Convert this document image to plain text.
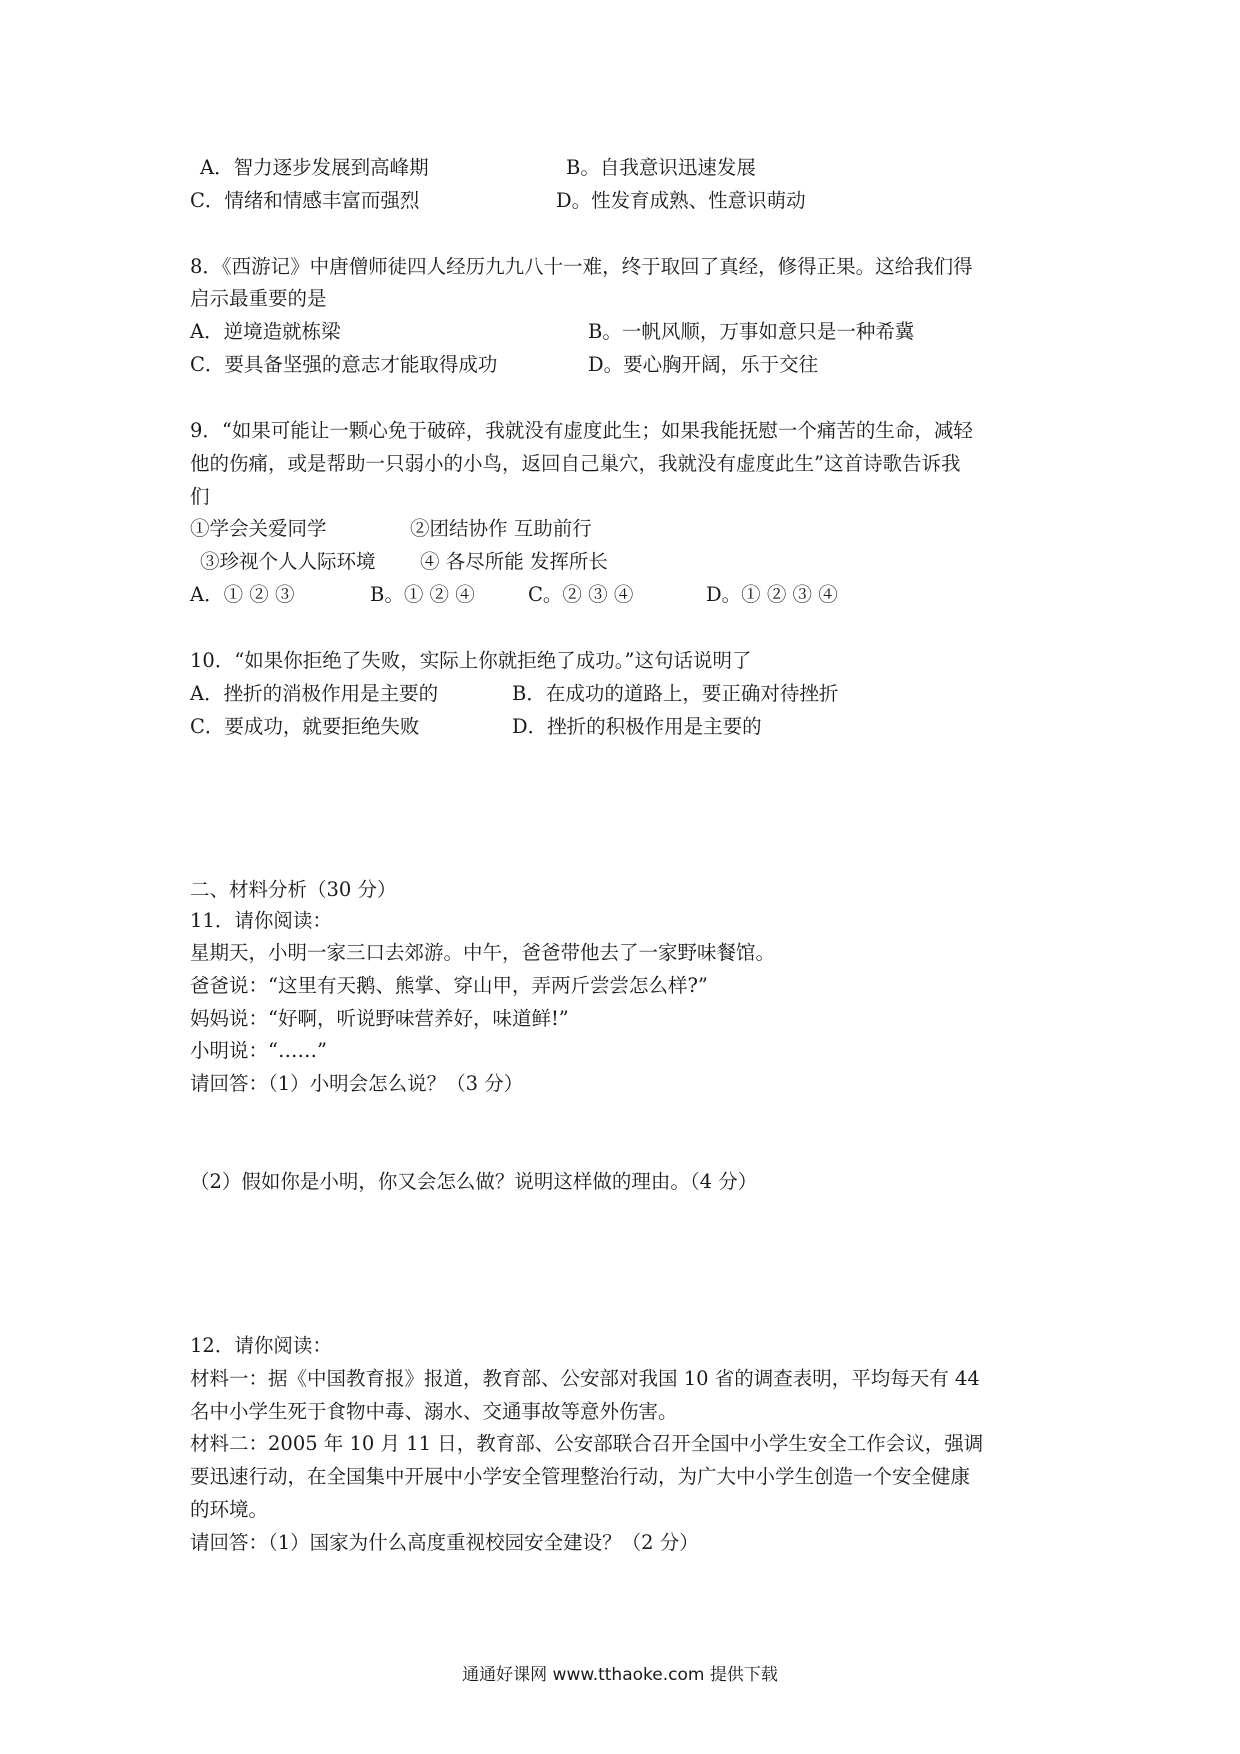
A．智力逐步发展到高峰期	B。自我意识迅速发展
C．情绪和情感丰富而强烈	D。性发育成熟、性意识萌动
8．《西游记》中唐僧师徒四人经历九九八十一难，终于取回了真经，修得正果。这给我们得
启示最重要的是
A．逆境造就栋梁	B。一帆风顺，万事如意只是一种希冀
C．要具备坚强的意志才能取得成功	D。要心胸开阔，乐于交往
9．“如果可能让一颗心免于破碎，我就没有虚度此生；如果我能抚慰一个痛苦的生命，减轻
他的伤痛，或是帮助一只弱小的小鸟，返回自己巢穴，我就没有虚度此生”这首诗歌告诉我
们
①学会关爱同学	②团结协作 互助前行
③珍视个人人际环境 ④ 各尽所能 发挥所长
A．① ② ③	B。① ② ④	C。② ③ ④	D。① ② ③ ④
10．“如果你拒绝了失败，实际上你就拒绝了成功。”这句话说明了
A．挫折的消极作用是主要的	B．在成功的道路上，要正确对待挫折
C．要成功，就要拒绝失败	D．挫折的积极作用是主要的
二、材料分析（30 分）
11．请你阅读：
星期天，小明一家三口去郊游。中午，爸爸带他去了一家野味餐馆。
爸爸说：“这里有天鹅、熊掌、穿山甲，弄两斤尝尝怎么样?”
妈妈说：“好啊，听说野味营养好，味道鲜!”
小明说：“……”
请回答：（1）小明会怎么说？（3 分）
（2）假如你是小明，你又会怎么做？说明这样做的理由。（4 分）
12．请你阅读：
材料一：据《中国教育报》报道，教育部、公安部对我国 10 省的调查表明，平均每天有 44
名中小学生死于食物中毒、溺水、交通事故等意外伤害。
材料二：2005 年 10 月 11 日，教育部、公安部联合召开全国中小学生安全工作会议，强调
要迅速行动，在全国集中开展中小学安全管理整治行动，为广大中小学生创造一个安全健康
的环境。
请回答：（1）国家为什么高度重视校园安全建设？（2 分）
通通好课网 www.tthaoke.com 提供下载
